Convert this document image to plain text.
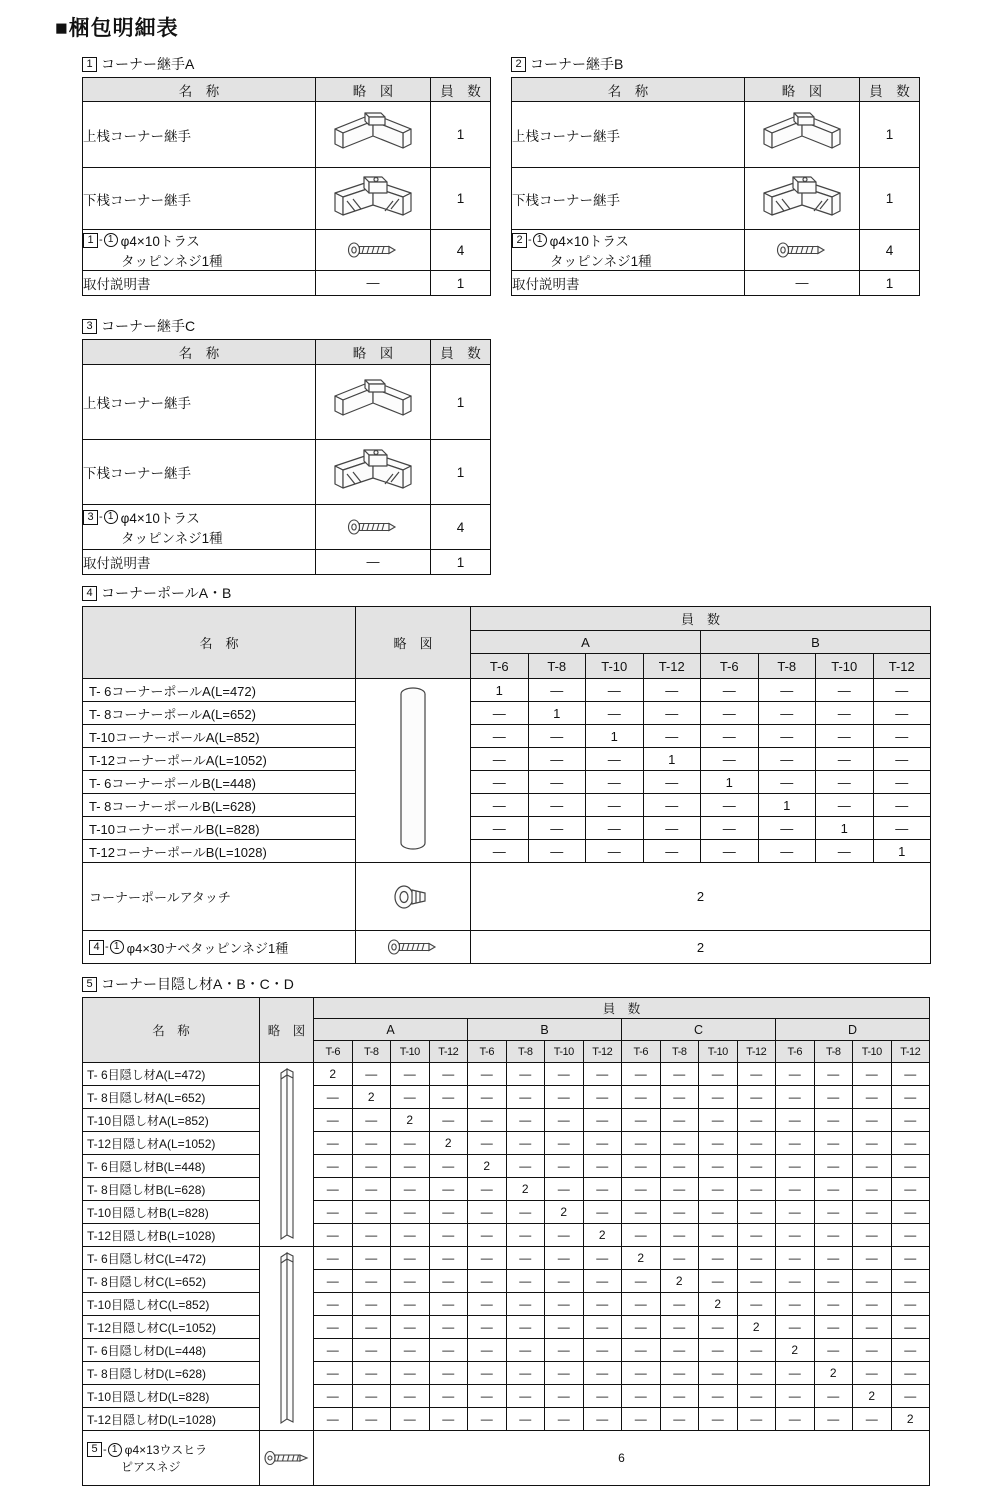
■梱包明細表
1 コーナー継手A
名　称	略　図	員　数
上桟コーナー継手		1
下桟コーナー継手		1

1 - 1 φ4×10トラス
タッピンネジ1種		4
取付説明書	—	1
2 コーナー継手B
名　称	略　図	員　数
上桟コーナー継手		1
下桟コーナー継手		1

2 - 1 φ4×10トラス
タッピンネジ1種		4
取付説明書	—	1
3 コーナー継手C
名　称	略　図	員　数
上桟コーナー継手		1
下桟コーナー継手		1

3 - 1 φ4×10トラス
タッピンネジ1種		4
取付説明書	—	1
4 コーナーポールA・B
名　称	略　図	員　数							
		A				B			
		T-6	T-8	T-10	T-12	T-6	T-8	T-10	T-12
T- 6コーナーポールA(L=472)		1	—	—	—	—	—	—	—
T- 8コーナーポールA(L=652)		—	1	—	—	—	—	—	—
T-10コーナーポールA(L=852)		—	—	1	—	—	—	—	—
T-12コーナーポールA(L=1052)		—	—	—	1	—	—	—	—
T- 6コーナーポールB(L=448)		—	—	—	—	1	—	—	—
T- 8コーナーポールB(L=628)		—	—	—	—	—	1	—	—
T-10コーナーポールB(L=828)		—	—	—	—	—	—	1	—
T-12コーナーポールB(L=1028)		—	—	—	—	—	—	—	1
コーナーポールアタッチ		2							

4 - 1 φ4×30ナベタッピンネジ1種		2							
5 コーナー目隠し材A・B・C・D
名　称	略　図	員　数															
		A				B				C				D			
		T-6	T-8	T-10	T-12	T-6	T-8	T-10	T-12	T-6	T-8	T-10	T-12	T-6	T-8	T-10	T-12
T- 6目隠し材A(L=472)		2	—	—	—	—	—	—	—	—	—	—	—	—	—	—	—
T- 8目隠し材A(L=652)		—	2	—	—	—	—	—	—	—	—	—	—	—	—	—	—
T-10目隠し材A(L=852)		—	—	2	—	—	—	—	—	—	—	—	—	—	—	—	—
T-12目隠し材A(L=1052)		—	—	—	2	—	—	—	—	—	—	—	—	—	—	—	—
T- 6目隠し材B(L=448)		—	—	—	—	2	—	—	—	—	—	—	—	—	—	—	—
T- 8目隠し材B(L=628)		—	—	—	—	—	2	—	—	—	—	—	—	—	—	—	—
T-10目隠し材B(L=828)		—	—	—	—	—	—	2	—	—	—	—	—	—	—	—	—
T-12目隠し材B(L=1028)		—	—	—	—	—	—	—	2	—	—	—	—	—	—	—	—
T- 6目隠し材C(L=472)		—	—	—	—	—	—	—	—	2	—	—	—	—	—	—	—
T- 8目隠し材C(L=652)		—	—	—	—	—	—	—	—	—	2	—	—	—	—	—	—
T-10目隠し材C(L=852)		—	—	—	—	—	—	—	—	—	—	2	—	—	—	—	—
T-12目隠し材C(L=1052)		—	—	—	—	—	—	—	—	—	—	—	2	—	—	—	—
T- 6目隠し材D(L=448)		—	—	—	—	—	—	—	—	—	—	—	—	2	—	—	—
T- 8目隠し材D(L=628)		—	—	—	—	—	—	—	—	—	—	—	—	—	2	—	—
T-10目隠し材D(L=828)		—	—	—	—	—	—	—	—	—	—	—	—	—	—	2	—
T-12目隠し材D(L=1028)		—	—	—	—	—	—	—	—	—	—	—	—	—	—	—	2

5 - 1 φ4×13ウスヒラ
ピアスネジ		6															
